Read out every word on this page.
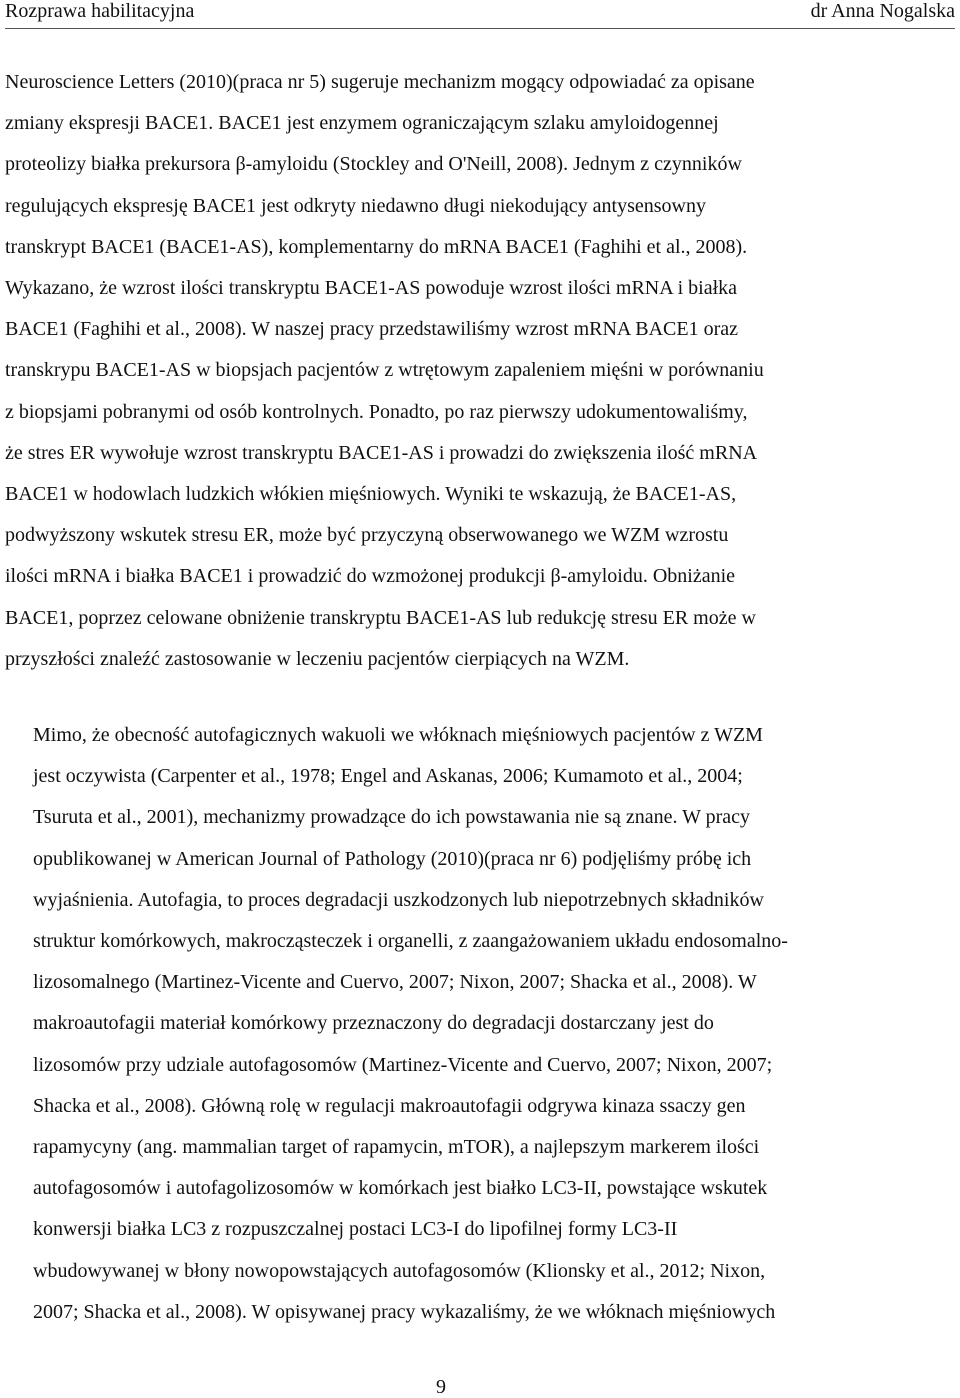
Rozprawa habilitacyjna	dr Anna Nogalska

Neuroscience Letters (2010)(praca nr 5) sugeruje mechanizm mogący odpowiadać za opisane
zmiany ekspresji BACE1. BACE1 jest enzymem ograniczającym szlaku amyloidogennej
proteolizy białka prekursora β-amyloidu (Stockley and O'Neill, 2008). Jednym z czynników
regulujących ekspresję BACE1 jest odkryty niedawno długi niekodujący antysensowny
transkrypt BACE1 (BACE1-AS), komplementarny do mRNA BACE1 (Faghihi et al., 2008).
Wykazano, że wzrost ilości transkryptu BACE1-AS powoduje wzrost ilości mRNA i białka
BACE1 (Faghihi et al., 2008). W naszej pracy przedstawiliśmy wzrost mRNA BACE1 oraz
transkrypu BACE1-AS w biopsjach pacjentów z wtrętowym zapaleniem mięśni w porównaniu
z biopsjami pobranymi od osób kontrolnych. Ponadto, po raz pierwszy udokumentowaliśmy,
że stres ER wywołuje wzrost transkryptu BACE1-AS i prowadzi do zwiększenia ilość mRNA
BACE1 w hodowlach ludzkich włókien mięśniowych. Wyniki te wskazują, że BACE1-AS,
podwyższony wskutek stresu ER, może być przyczyną obserwowanego we WZM wzrostu
ilości mRNA i białka BACE1 i prowadzić do wzmożonej produkcji β-amyloidu. Obniżanie
BACE1, poprzez celowane obniżenie transkryptu BACE1-AS lub redukcję stresu ER może w
przyszłości znaleźć zastosowanie w leczeniu pacjentów cierpiących na WZM.

Mimo, że obecność autofagicznych wakuoli we włóknach mięśniowych pacjentów z WZM
jest oczywista (Carpenter et al., 1978; Engel and Askanas, 2006; Kumamoto et al., 2004;
Tsuruta et al., 2001), mechanizmy prowadzące do ich powstawania nie są znane. W pracy
opublikowanej w American Journal of Pathology (2010)(praca nr 6) podjęliśmy próbę ich
wyjaśnienia. Autofagia, to proces degradacji uszkodzonych lub niepotrzebnych składników
struktur komórkowych, makrocząsteczek i organelli, z zaangażowaniem układu endosomalno-
lizosomalnego (Martinez-Vicente and Cuervo, 2007; Nixon, 2007; Shacka et al., 2008). W
makroautofagii materiał komórkowy przeznaczony do degradacji dostarczany jest do
lizosomów przy udziale autofagosomów (Martinez-Vicente and Cuervo, 2007; Nixon, 2007;
Shacka et al., 2008). Główną rolę w regulacji makroautofagii odgrywa kinaza ssaczy gen
rapamycyny (ang. mammalian target of rapamycin, mTOR), a najlepszym markerem ilości
autofagosomów i autofagolizosomów w komórkach jest białko LC3-II, powstające wskutek
konwersji białka LC3 z rozpuszczalnej postaci LC3-I do lipofilnej formy LC3-II
wbudowywanej w błony nowopowstających autofagosomów (Klionsky et al., 2012; Nixon,
2007; Shacka et al., 2008). W opisywanej pracy wykazaliśmy, że we włóknach mięśniowych

9
